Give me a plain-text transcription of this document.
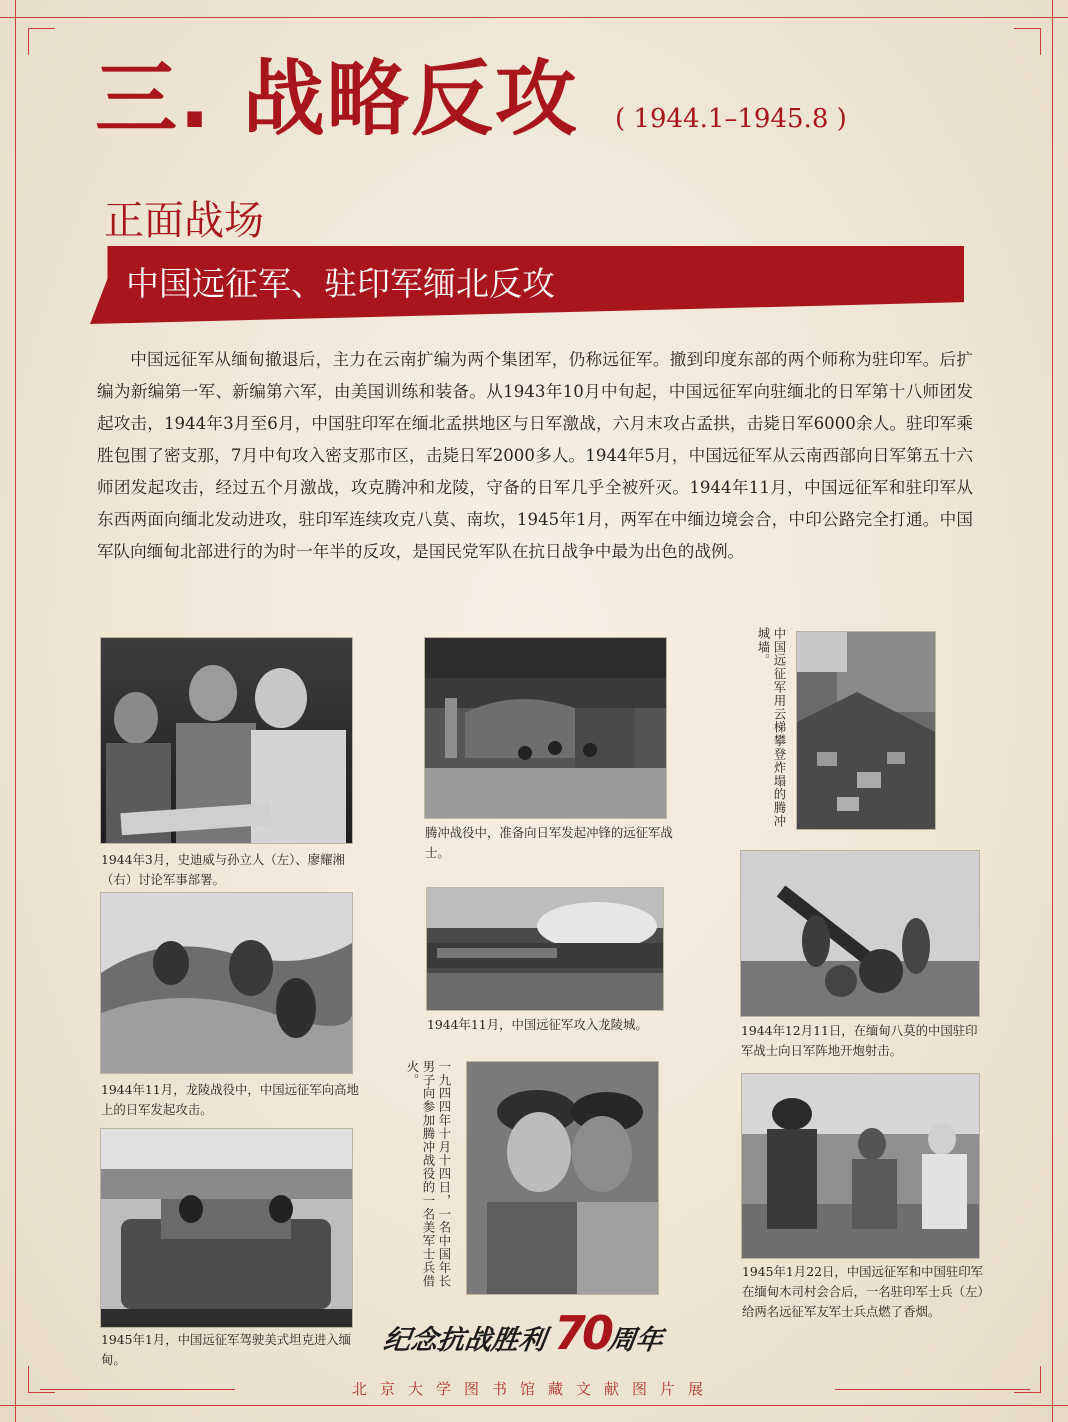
三. 战略反攻 ( 1944.1–1945.8 )
正面战场
中国远征军、驻印军缅北反攻
中国远征军从缅甸撤退后，主力在云南扩编为两个集团军，仍称远征军。撤到印度东部的两个师称为驻印军。后扩编为新编第一军、新编第六军，由美国训练和装备。从1943年10月中旬起，中国远征军向驻缅北的日军第十八师团发起攻击，1944年3月至6月，中国驻印军在缅北孟拱地区与日军激战，六月末攻占孟拱，击毙日军6000余人。驻印军乘胜包围了密支那，7月中旬攻入密支那市区，击毙日军2000多人。1944年5月，中国远征军从云南西部向日军第五十六师团发起攻击，经过五个月激战，攻克腾冲和龙陵，守备的日军几乎全被歼灭。1944年11月，中国远征军和驻印军从东西两面向缅北发动进攻，驻印军连续攻克八莫、南坎，1945年1月，两军在中缅边境会合，中印公路完全打通。中国军队向缅甸北部进行的为时一年半的反攻，是国民党军队在抗日战争中最为出色的战例。
1944年3月，史迪威与孙立人（左）、廖耀湘（右）讨论军事部署。
腾冲战役中，准备向日军发起冲锋的远征军战士。
中国远征军用云梯攀登炸塌的腾冲城墙。
1944年11月，龙陵战役中，中国远征军向高地上的日军发起攻击。
1944年11月，中国远征军攻入龙陵城。	1944年12月11日，在缅甸八莫的中国驻印军战士向日军阵地开炮射击。
一九四四年十月十四日，一名中国年长男子向参加腾冲战役的一名美军士兵借火。
1945年1月，中国远征军驾驶美式坦克进入缅甸。
1945年1月22日，中国远征军和中国驻印军在缅甸木司村会合后，一名驻印军士兵（左）给两名远征军友军士兵点燃了香烟。
纪念抗战胜利 70
周年
北京大学图书馆藏文献图片展
